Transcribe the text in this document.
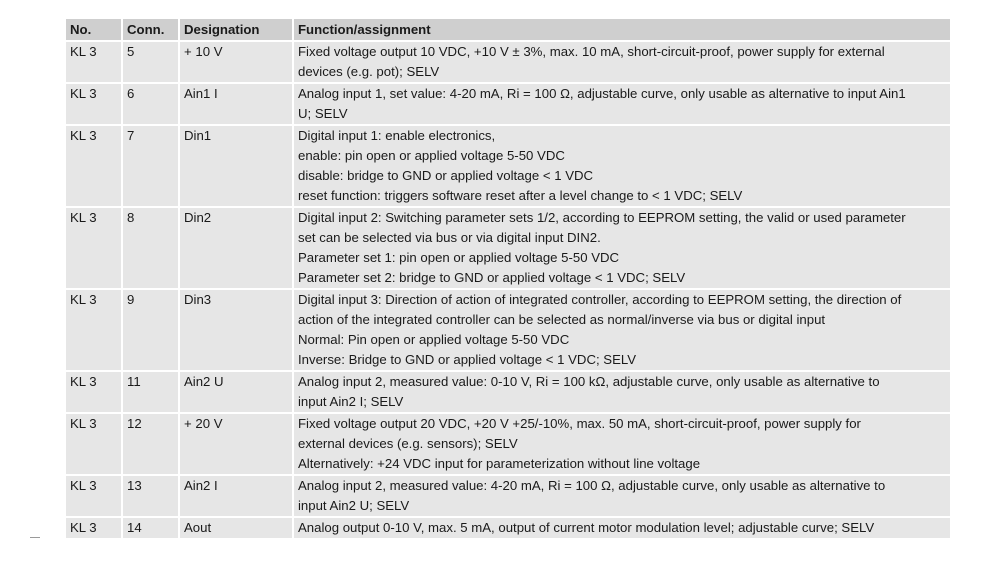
No.	Conn.	Designation	Function/assignment
KL 3	5	+ 10 V	Fixed voltage output 10 VDC, +10 V ± 3%, max. 10 mA, short-circuit-proof, power supply for external
devices (e.g. pot); SELV

KL 3	6	Ain1 I	Analog input 1, set value: 4-20 mA, Ri = 100 Ω, adjustable curve, only usable as alternative to input Ain1
U; SELV

KL 3	7	Din1	Digital input 1: enable electronics,
enable: pin open or applied voltage 5-50 VDC
disable: bridge to GND or applied voltage < 1 VDC
reset function: triggers software reset after a level change to < 1 VDC; SELV

KL 3	8	Din2	Digital input 2: Switching parameter sets 1/2, according to EEPROM setting, the valid or used parameter
set can be selected via bus or via digital input DIN2.
Parameter set 1: pin open or applied voltage 5-50 VDC
Parameter set 2: bridge to GND or applied voltage < 1 VDC; SELV

KL 3	9	Din3	Digital input 3: Direction of action of integrated controller, according to EEPROM setting, the direction of
action of the integrated controller can be selected as normal/inverse via bus or digital input
Normal: Pin open or applied voltage 5-50 VDC
Inverse: Bridge to GND or applied voltage < 1 VDC; SELV

KL 3	11	Ain2 U	Analog input 2, measured value: 0-10 V, Ri = 100 kΩ, adjustable curve, only usable as alternative to
input Ain2 I; SELV

KL 3	12	+ 20 V	Fixed voltage output 20 VDC, +20 V +25/-10%, max. 50 mA, short-circuit-proof, power supply for
external devices (e.g. sensors); SELV
Alternatively: +24 VDC input for parameterization without line voltage

KL 3	13	Ain2 I	Analog input 2, measured value: 4-20 mA, Ri = 100 Ω, adjustable curve, only usable as alternative to
input Ain2 U; SELV

KL 3	14	Aout	Analog output 0-10 V, max. 5 mA, output of current motor modulation level; adjustable curve; SELV
